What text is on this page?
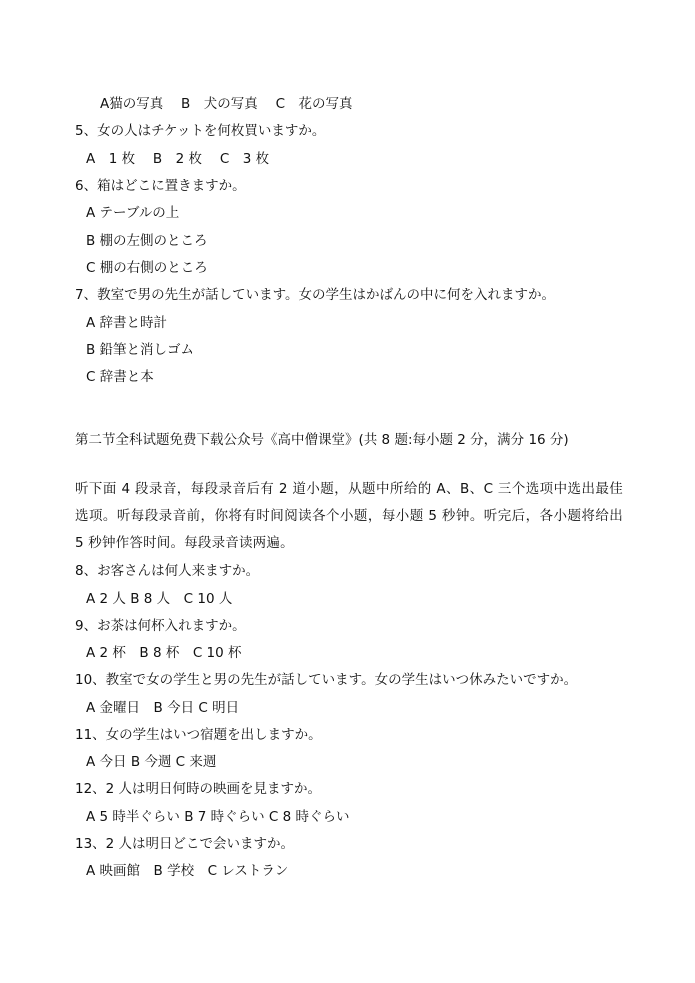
A猫の写真　 B　犬の写真　 C　花の写真
5、女の人はチケットを何枚買いますか。
A　1 枚　 B　2 枚　 C　3 枚
6、箱はどこに置きますか。
A テーブルの上
B 棚の左側のところ
C 棚の右側のところ
7、教室で男の先生が話しています。女の学生はかばんの中に何を入れますか。
A 辞書と時計
B 鉛筆と消しゴム
C 辞書と本
第二节全科试题免费下载公众号《高中僧课堂》(共 8 题:每小题 2 分，满分 16 分)
听下面 4 段录音，每段录音后有 2 道小题，从题中所给的 A、B、C 三个选项中选出最佳选项。听每段录音前，你将有时间阅读各个小题，每小题 5 秒钟。听完后，各小题将给出 5 秒钟作答时间。每段录音读两遍。
8、お客さんは何人来ますか。
A 2 人 B 8 人　C 10 人
9、お茶は何杯入れますか。
A 2 杯　B 8 杯　C 10 杯
10、教室で女の学生と男の先生が話しています。女の学生はいつ休みたいですか。
A 金曜日　B 今日 C 明日
11、女の学生はいつ宿題を出しますか。
A 今日 B 今週 C 来週
12、2 人は明日何時の映画を見ますか。
A 5 時半ぐらい B 7 時ぐらい C 8 時ぐらい
13、2 人は明日どこで会いますか。
A 映画館　B 学校　C レストラン
